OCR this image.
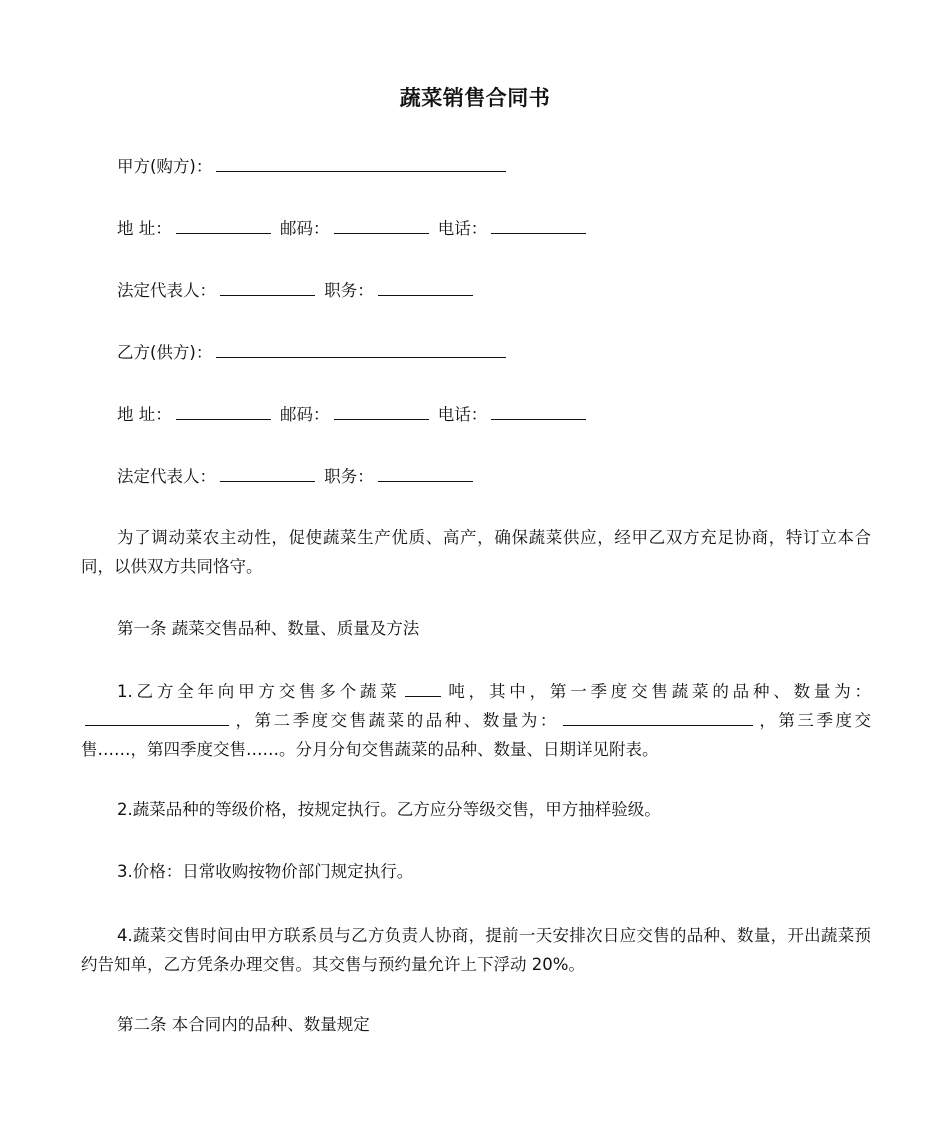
蔬菜销售合同书
甲方(购方)：
地 址：	邮码：	电话：
法定代表人：	职务：
乙方(供方)：
地 址：	邮码：	电话：
法定代表人：	职务：
为了调动菜农主动性，促使蔬菜生产优质、高产，确保蔬菜供应，经甲乙双方充足协商，特订立本合同，以供双方共同恪守。
第一条 蔬菜交售品种、数量、质量及方法
1.乙方全年向甲方交售多个蔬菜	吨，其中，第一季度交售蔬菜的品种、数量为：，第二季度交售蔬菜的品种、数量为：	，第三季度交售……，第四季度交售……。分月分旬交售蔬菜的品种、数量、日期详见附表。
2.蔬菜品种的等级价格，按规定执行。乙方应分等级交售，甲方抽样验级。
3.价格：日常收购按物价部门规定执行。
4.蔬菜交售时间由甲方联系员与乙方负责人协商，提前一天安排次日应交售的品种、数量，开出蔬菜预约告知单，乙方凭条办理交售。其交售与预约量允许上下浮动 20%。
第二条 本合同内的品种、数量规定
